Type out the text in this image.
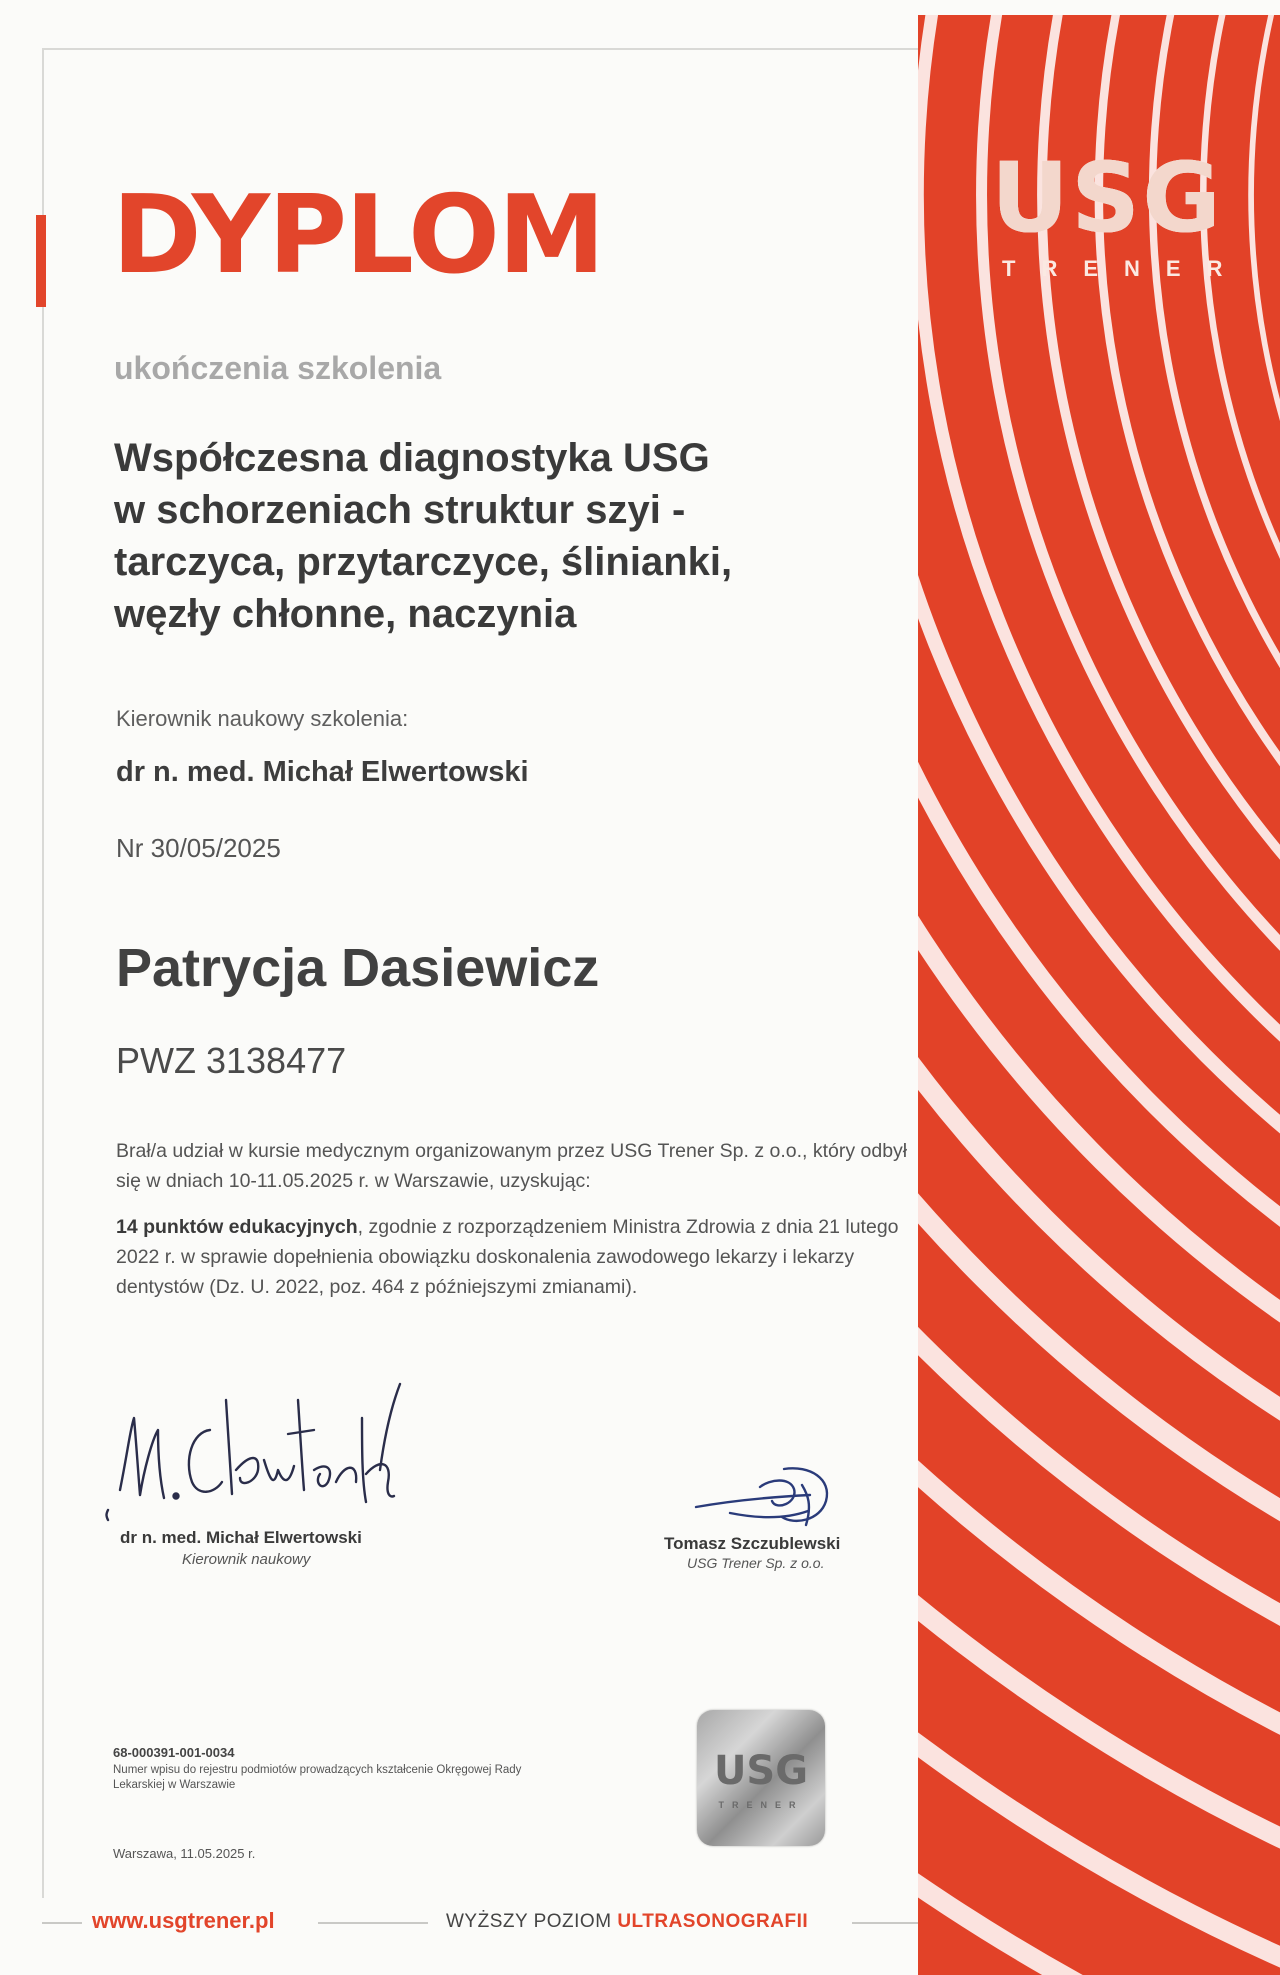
USG
TRENER
DYPLOM
ukończenia szkolenia
Współczesna diagnostyka USG
w schorzeniach struktur szyi -
tarczyca, przytarczyce, ślinianki,
węzły chłonne, naczynia
Kierownik naukowy szkolenia:
dr n. med. Michał Elwertowski
Nr 30/05/2025
Patrycja Dasiewicz
PWZ 3138477
Brał/a udział w kursie medycznym organizowanym przez USG Trener Sp. z o.o., który odbył się w dniach 10-11.05.2025 r. w Warszawie, uzyskując:
14 punktów edukacyjnych, zgodnie z rozporządzeniem Ministra Zdrowia z dnia 21 lutego 2022 r. w sprawie dopełnienia obowiązku doskonalenia zawodowego lekarzy i lekarzy dentystów (Dz. U. 2022, poz. 464 z późniejszymi zmianami).
dr n. med. Michał Elwertowski
Kierownik naukowy
Tomasz Szczublewski
USG Trener Sp. z o.o.
68-000391-001-0034
Numer wpisu do rejestru podmiotów prowadzących kształcenie Okręgowej Rady Lekarskiej w Warszawie
Warszawa, 11.05.2025 r.
USG
TRENER
www.usgtrener.pl	WYŻSZY POZIOM ULTRASONOGRAFII
